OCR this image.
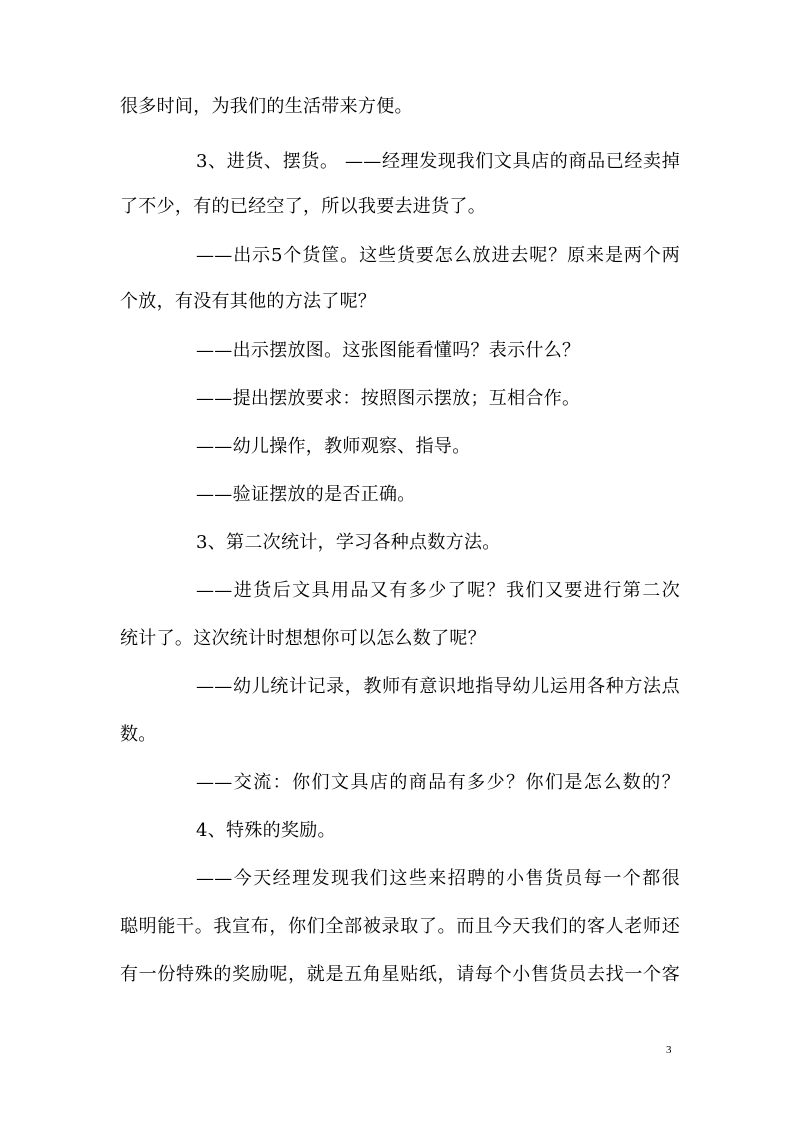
很多时间，为我们的生活带来方便。
3、进货、摆货。 ——经理发现我们文具店的商品已经卖掉
了不少，有的已经空了，所以我要去进货了。
——出示5个货筐。这些货要怎么放进去呢？原来是两个两
个放，有没有其他的方法了呢？
——出示摆放图。这张图能看懂吗？表示什么？
——提出摆放要求：按照图示摆放；互相合作。
——幼儿操作，教师观察、指导。
——验证摆放的是否正确。
3、第二次统计，学习各种点数方法。
——进货后文具用品又有多少了呢？我们又要进行第二次
统计了。这次统计时想想你可以怎么数了呢？
——幼儿统计记录，教师有意识地指导幼儿运用各种方法点
数。
——交流：你们文具店的商品有多少？你们是怎么数的？
4、特殊的奖励。
——今天经理发现我们这些来招聘的小售货员每一个都很
聪明能干。我宣布，你们全部被录取了。而且今天我们的客人老师还
有一份特殊的奖励呢，就是五角星贴纸，请每个小售货员去找一个客
3
